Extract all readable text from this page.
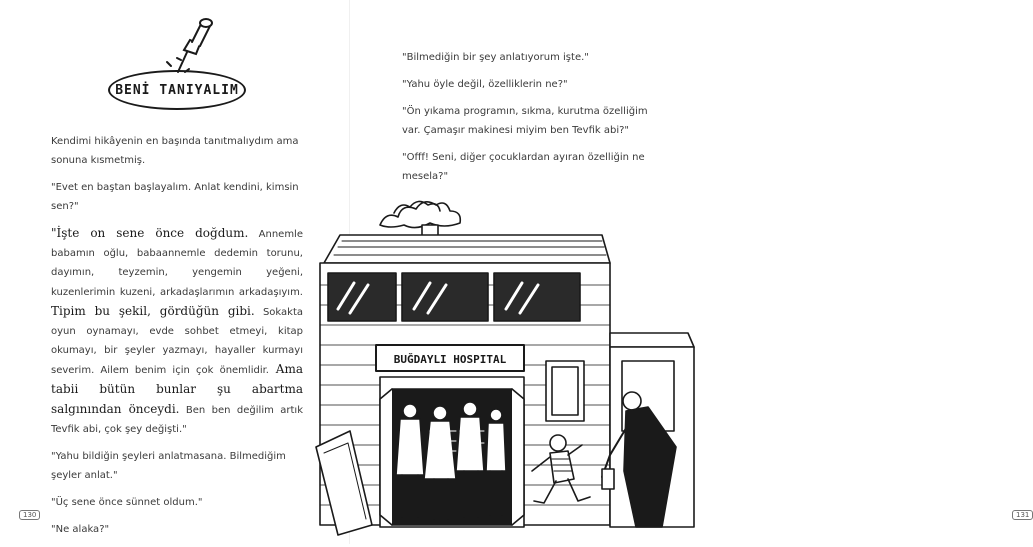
BENİ TANIYALIM

Kendimi hikâyenin en başında tanıtmalıydım ama sonuna kısmetmiş.

"Evet en baştan başlayalım. Anlat kendini, kimsin sen?"

"İşte on sene önce doğdum. Annemle babamın oğlu, babaannemle dedemin torunu, dayımın, teyzemin, yengemin yeğeni, kuzenlerimin kuzeni, arkadaşlarımın arkadaşıyım. Tipim bu şekil, gördüğün gibi. Sokakta oyun oynamayı, evde sohbet etmeyi, kitap okumayı, bir şeyler yazmayı, hayaller kurmayı severim. Ailem benim için çok önemlidir. Ama tabii bütün bunlar şu abartma salgınından önceydi. Ben ben değilim artık Tevfik abi, çok şey değişti."

"Yahu bildiğin şeyleri anlatmasana. Bilmediğim şeyler anlat."

"Üç sene önce sünnet oldum."

"Ne alaka?"

130	131

"Bilmediğin bir şey anlatıyorum işte."

"Yahu öyle değil, özelliklerin ne?"

"Ön yıkama programın, sıkma, kurutma özelliğim var. Çamaşır makinesi miyim ben Tevfik abi?"

"Offf! Seni, diğer çocuklardan ayıran özelliğin ne mesela?"

BUĞDAYLI HOSPITAL
